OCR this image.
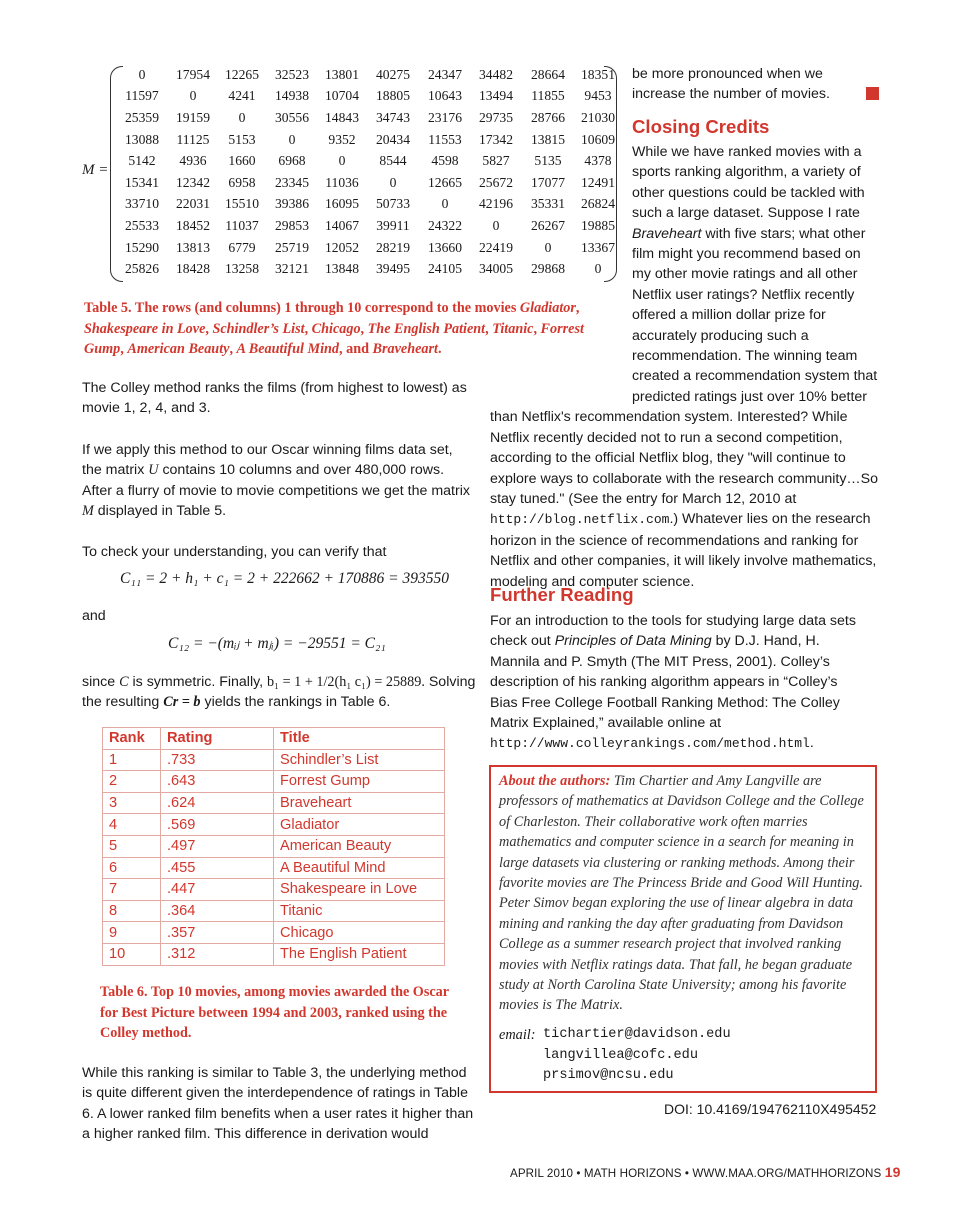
M =
0	17954	12265	32523	13801	40275	24347	34482	28664	18351
11597	0	4241	14938	10704	18805	10643	13494	11855	9453
25359	19159	0	30556	14843	34743	23176	29735	28766	21030
13088	11125	5153	0	9352	20434	11553	17342	13815	10609
5142	4936	1660	6968	0	8544	4598	5827	5135	4378
15341	12342	6958	23345	11036	0	12665	25672	17077	12491
33710	22031	15510	39386	16095	50733	0	42196	35331	26824
25533	18452	11037	29853	14067	39911	24322	0	26267	19885
15290	13813	6779	25719	12052	28219	13660	22419	0	13367
25826	18428	13258	32121	13848	39495	24105	34005	29868	0
Table 5. The rows (and columns) 1 through 10 correspond to the movies Gladiator, Shakespeare in Love, Schindler’s List, Chicago, The English Patient, Titanic, Forrest Gump, American Beauty, A Beautiful Mind, and Braveheart.

The Colley method ranks the films (from highest to lowest) as movie 1, 2, 4, and 3.

If we apply this method to our Oscar winning films data set, the matrix U contains 10 columns and over 480,000 rows. After a flurry of movie to movie competitions we get the matrix M displayed in Table 5.

To check your understanding, you can verify that

C₁₁ = 2 + h₁ + c₁ = 2 + 222662 + 170886 = 393550

and

C₁₂ = −(mᵢⱼ + mⱼᵢ) = −29551 = C₂₁

since C is symmetric. Finally, b₁ = 1 + 1/2(h₁ c₁) = 25889. Solving the resulting Cr = b yields the rankings in Table 6.

Rank	Rating	Title
1	.733	Schindler’s List
2	.643	Forrest Gump
3	.624	Braveheart
4	.569	Gladiator
5	.497	American Beauty
6	.455	A Beautiful Mind
7	.447	Shakespeare in Love
8	.364	Titanic
9	.357	Chicago
10	.312	The English Patient
Table 6. Top 10 movies, among movies awarded the Oscar for Best Picture between 1994 and 2003, ranked using the Colley method.

While this ranking is similar to Table 3, the underlying method is quite different given the interdependence of ratings in Table 6. A lower ranked film benefits when a user rates it higher than a higher ranked film. This difference in derivation would

be more pronounced when we increase the number of movies.

Closing Credits

While we have ranked movies with a sports ranking algorithm, a variety of other questions could be tackled with such a large dataset. Suppose I rate Braveheart with five stars; what other film might you recommend based on my other movie ratings and all other Netflix user ratings? Netflix recently offered a million dollar prize for accurately producing such a recommendation. The winning team created a recommendation system that predicted ratings just over 10% better than Netflix's recommendation system. Interested? While Netflix recently decided not to run a second competition, according to the official Netflix blog, they "will continue to explore ways to collaborate with the research community…So stay tuned." (See the entry for March 12, 2010 at http://blog.netflix.com.) Whatever lies on the research horizon in the science of recommendations and ranking for Netflix and other companies, it will likely involve mathematics, modeling and computer science.

Further Reading

For an introduction to the tools for studying large data sets check out Principles of Data Mining by D.J. Hand, H. Mannila and P. Smyth (The MIT Press, 2001). Colley’s description of his ranking algorithm appears in “Colley’s Bias Free College Football Ranking Method: The Colley Matrix Explained,” available online at http://www.colleyrankings.com/method.html.

About the authors: Tim Chartier and Amy Langville are professors of mathematics at Davidson College and the College of Charleston. Their collaborative work often marries mathematics and computer science in a search for meaning in large datasets via clustering or ranking methods. Among their favorite movies are The Princess Bride and Good Will Hunting. Peter Simov began exploring the use of linear algebra in data mining and ranking the day after graduating from Davidson College as a summer research project that involved ranking movies with Netflix ratings data. That fall, he began graduate study at North Carolina State University; among his favorite movies is The Matrix.
email: tichartier@davidson.edu
langvillea@cofc.edu
prsimov@ncsu.edu
DOI: 10.4169/194762110X495452
APRIL 2010 • MATH HORIZONS • WWW.MAA.ORG/MATHHORIZONS 19
